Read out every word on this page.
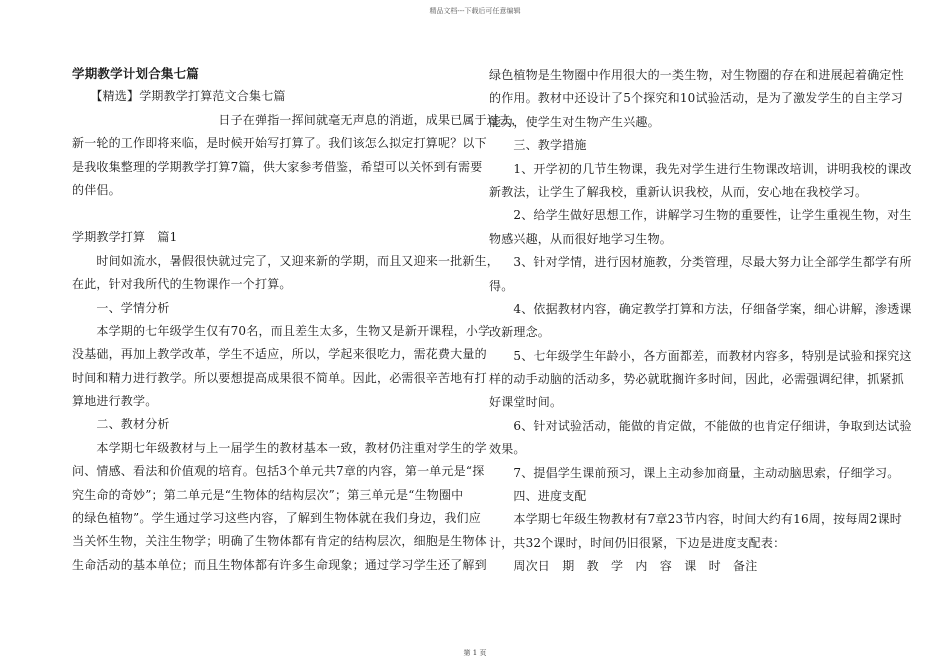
精品文档---下载后可任意编辑
学期教学计划合集七篇
　　【精选】学期教学打算范文合集七篇
　　　　　　　　　　　　日子在弹指一挥间就毫无声息的消逝，成果已属于过去，
新一轮的工作即将来临，是时候开始写打算了。我们该怎么拟定打算呢？以下
是我收集整理的学期教学打算7篇，供大家参考借鉴，希望可以关怀到有需要
的伴侣。
学期教学打算　篇1
　　时间如流水，暑假很快就过完了，又迎来新的学期，而且又迎来一批新生，
在此，针对我所代的生物课作一个打算。
　　一、学情分析
　　本学期的七年级学生仅有70名，而且差生太多，生物又是新开课程，小学
没基础，再加上教学改革，学生不适应，所以，学起来很吃力，需花费大量的
时间和精力进行教学。所以要想提高成果很不简单。因此，必需很辛苦地有打
算地进行教学。
　　二、教材分析
　　本学期七年级教材与上一届学生的教材基本一致，教材仍注重对学生的学
问、情感、看法和价值观的培育。包括3个单元共7章的内容，第一单元是“探
究生命的奇妙”；第二单元是“生物体的结构层次”；第三单元是“生物圈中
的绿色植物”。学生通过学习这些内容，了解到生物体就在我们身边，我们应
当关怀生物，关注生物学；明确了生物体都有肯定的结构层次，细胞是生物体
生命活动的基本单位；而且生物体都有许多生命现象；通过学习学生还了解到
绿色植物是生物圈中作用很大的一类生物，对生物圈的存在和进展起着确定性
的作用。教材中还设计了5个探究和10试验活动，是为了激发学生的自主学习
能力，使学生对生物产生兴趣。
　　三、教学措施
　　1、开学初的几节生物课，我先对学生进行生物课改培训，讲明我校的课改
新教法，让学生了解我校，重新认识我校，从而，安心地在我校学习。
　　2、给学生做好思想工作，讲解学习生物的重要性，让学生重视生物，对生
物感兴趣，从而很好地学习生物。
　　3、针对学情，进行因材施教，分类管理，尽最大努力让全部学生都学有所
得。
　　4、依据教材内容，确定教学打算和方法，仔细备学案，细心讲解，渗透课
改新理念。
　　5、七年级学生年龄小，各方面都差，而教材内容多，特别是试验和探究这
样的动手动脑的活动多，势必就耽搁许多时间，因此，必需强调纪律，抓紧抓
好课堂时间。
　　6、针对试验活动，能做的肯定做，不能做的也肯定仔细讲，争取到达试验
效果。
　　7、提倡学生课前预习，课上主动参加商量，主动动脑思索，仔细学习。
　　四、进度支配
　　本学期七年级生物教材有7章23节内容，时间大约有16周，按每周2课时
计，共32个课时，时间仍旧很紧，下边是进度支配表：
　　周次日　期　教　学　内　容　课　时　备注
第 1 页
